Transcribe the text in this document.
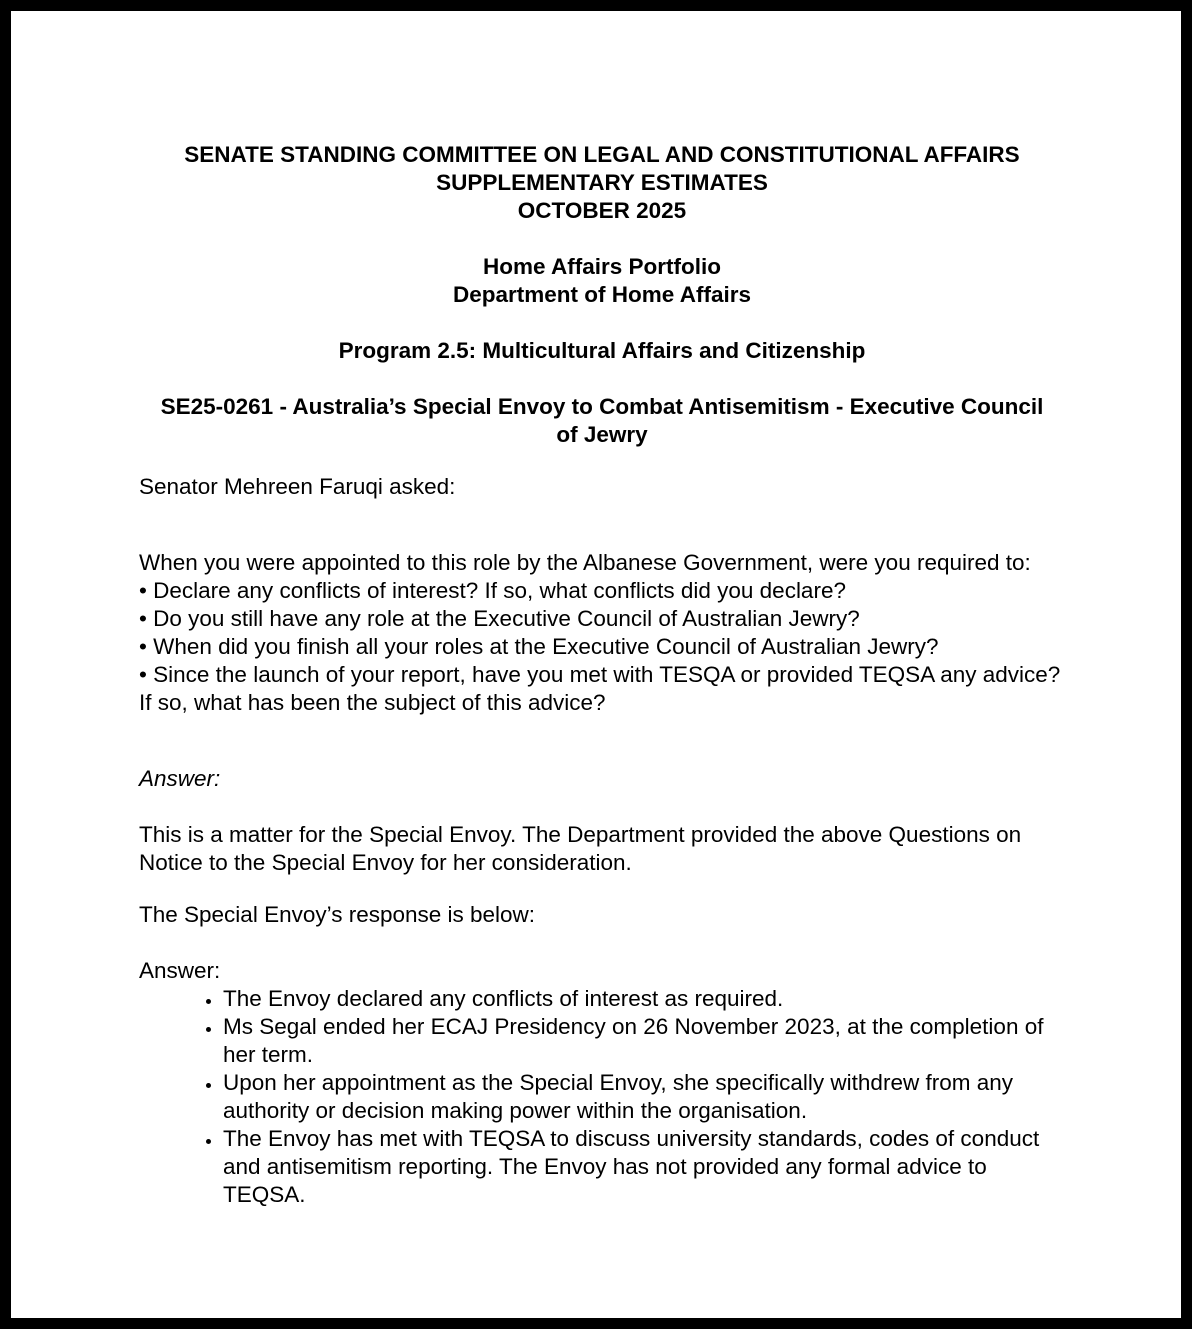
SENATE STANDING COMMITTEE ON LEGAL AND CONSTITUTIONAL AFFAIRS
SUPPLEMENTARY ESTIMATES
OCTOBER 2025
Home Affairs Portfolio
Department of Home Affairs
Program 2.5: Multicultural Affairs and Citizenship
SE25-0261 - Australia’s Special Envoy to Combat Antisemitism - Executive Council of Jewry
Senator Mehreen Faruqi asked:
When you were appointed to this role by the Albanese Government, were you required to:
• Declare any conflicts of interest? If so, what conflicts did you declare?
• Do you still have any role at the Executive Council of Australian Jewry?
• When did you finish all your roles at the Executive Council of Australian Jewry?
• Since the launch of your report, have you met with TESQA or provided TEQSA any advice? If so, what has been the subject of this advice?
Answer:
This is a matter for the Special Envoy. The Department provided the above Questions on Notice to the Special Envoy for her consideration.
The Special Envoy’s response is below:
Answer:
• The Envoy declared any conflicts of interest as required.
• Ms Segal ended her ECAJ Presidency on 26 November 2023, at the completion of her term.
• Upon her appointment as the Special Envoy, she specifically withdrew from any authority or decision making power within the organisation.
• The Envoy has met with TEQSA to discuss university standards, codes of conduct and antisemitism reporting. The Envoy has not provided any formal advice to TEQSA.
